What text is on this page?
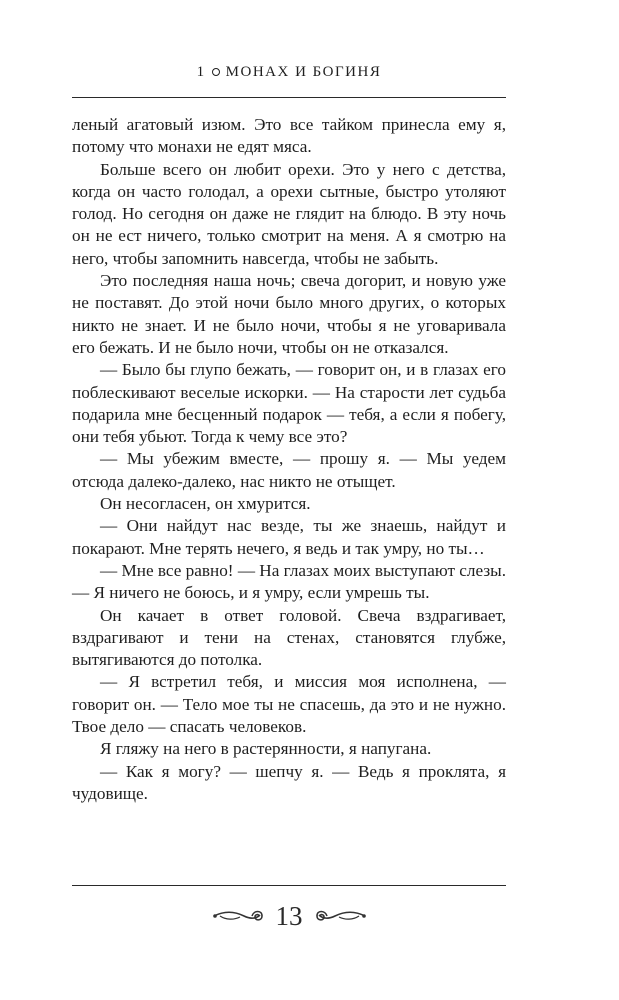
1 МОНАХ И БОГИНЯ

леный агатовый изюм. Это все тайком принесла ему я, потому что монахи не едят мяса.

Больше всего он любит орехи. Это у него с детства, когда он часто голодал, а орехи сытные, быстро утоляют голод. Но сегодня он даже не глядит на блюдо. В эту ночь он не ест ничего, только смотрит на меня. А я смотрю на него, чтобы запомнить навсегда, чтобы не забыть.

Это последняя наша ночь; свеча догорит, и новую уже не поставят. До этой ночи было много других, о которых никто не знает. И не было ночи, чтобы я не уговаривала его бежать. И не было ночи, чтобы он не отказался.

— Было бы глупо бежать, — говорит он, и в глазах его поблескивают веселые искорки. — На старости лет судьба подарила мне бесценный подарок — тебя, а если я побегу, они тебя убьют. Тогда к чему все это?

— Мы убежим вместе, — прошу я. — Мы уедем отсюда далеко-далеко, нас никто не отыщет.

Он несогласен, он хмурится.

— Они найдут нас везде, ты же знаешь, найдут и покарают. Мне терять нечего, я ведь и так умру, но ты…

— Мне все равно! — На глазах моих выступают слезы. — Я ничего не боюсь, и я умру, если умрешь ты.

Он качает в ответ головой. Свеча вздрагивает, вздрагивают и тени на стенах, становятся глубже, вытягиваются до потолка.

— Я встретил тебя, и миссия моя исполнена, — говорит он. — Тело мое ты не спасешь, да это и не нужно. Твое дело — спасать человеков.

Я гляжу на него в растерянности, я напугана.

— Как я могу? — шепчу я. — Ведь я проклята, я чудовище.

13
